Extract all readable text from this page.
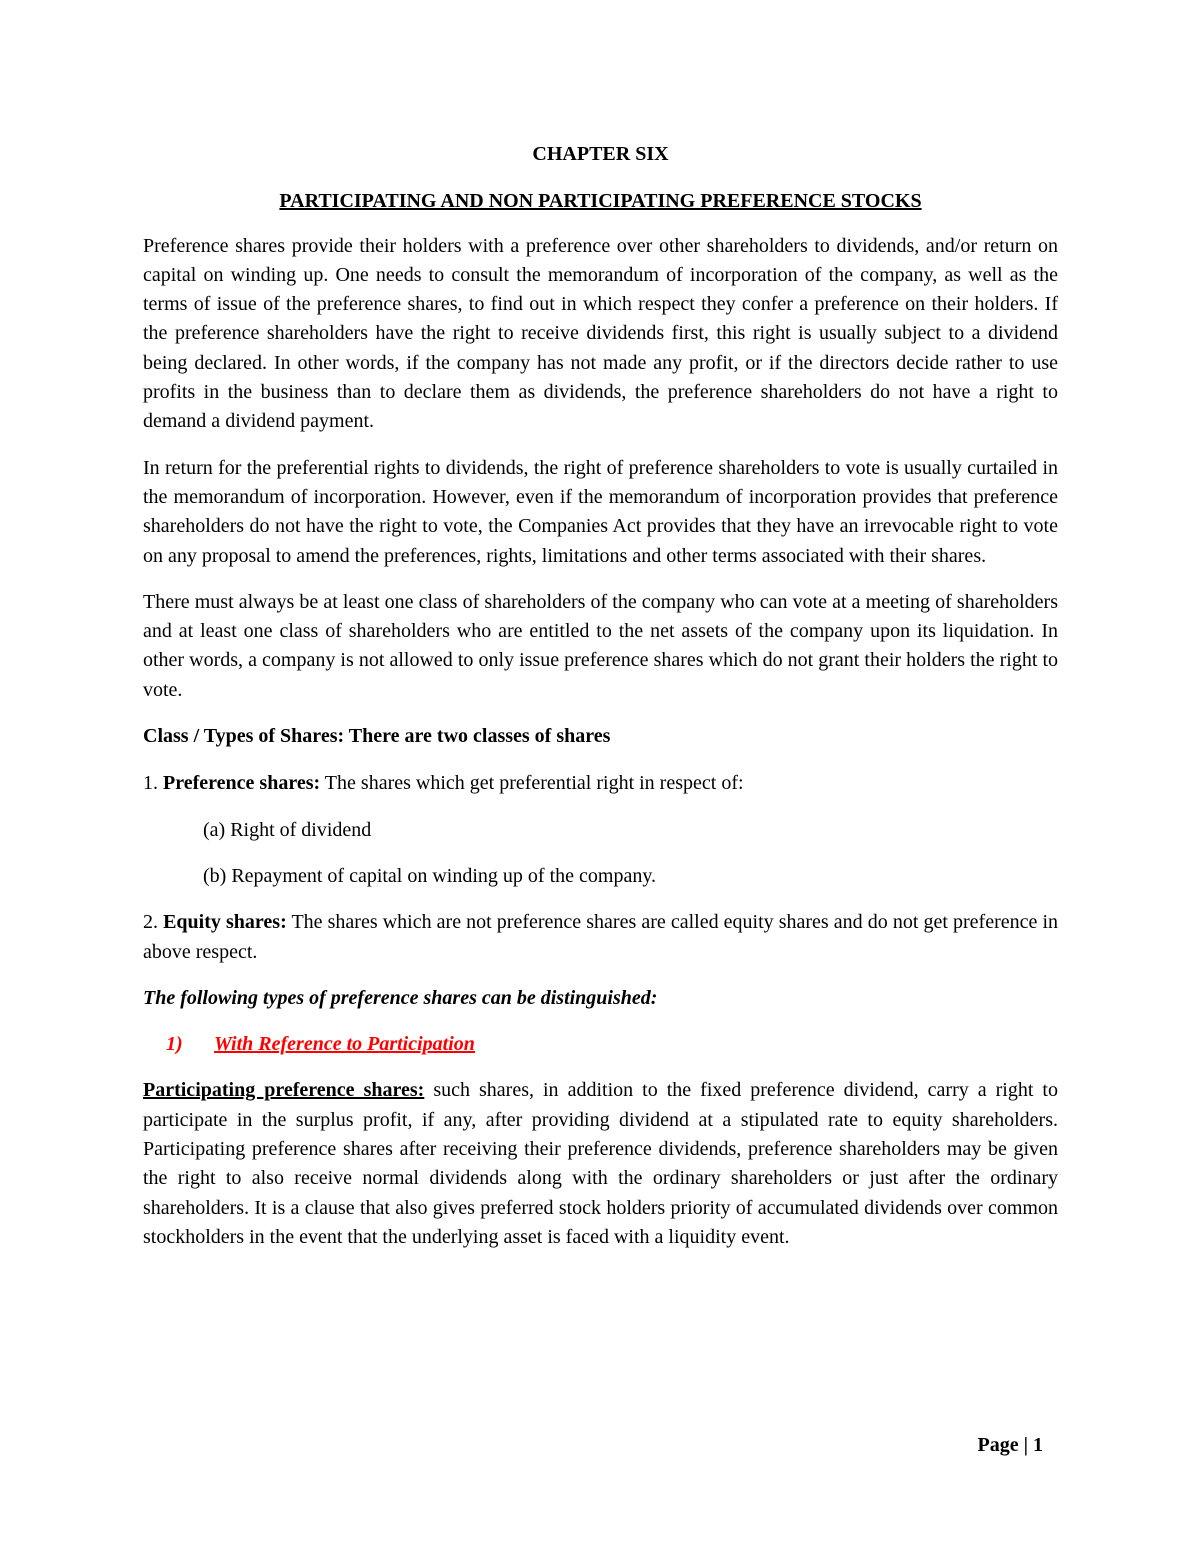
CHAPTER SIX
PARTICIPATING AND NON PARTICIPATING PREFERENCE STOCKS

Preference shares provide their holders with a preference over other shareholders to dividends, and/or return on capital on winding up. One needs to consult the memorandum of incorporation of the company, as well as the terms of issue of the preference shares, to find out in which respect they confer a preference on their holders. If the preference shareholders have the right to receive dividends first, this right is usually subject to a dividend being declared. In other words, if the company has not made any profit, or if the directors decide rather to use profits in the business than to declare them as dividends, the preference shareholders do not have a right to demand a dividend payment.

In return for the preferential rights to dividends, the right of preference shareholders to vote is usually curtailed in the memorandum of incorporation. However, even if the memorandum of incorporation provides that preference shareholders do not have the right to vote, the Companies Act provides that they have an irrevocable right to vote on any proposal to amend the preferences, rights, limitations and other terms associated with their shares.

There must always be at least one class of shareholders of the company who can vote at a meeting of shareholders and at least one class of shareholders who are entitled to the net assets of the company upon its liquidation. In other words, a company is not allowed to only issue preference shares which do not grant their holders the right to vote.

Class / Types of Shares: There are two classes of shares
1. Preference shares: The shares which get preferential right in respect of:
(a) Right of dividend
(b) Repayment of capital on winding up of the company.

2. Equity shares: The shares which are not preference shares are called equity shares and do not get preference in above respect.

The following types of preference shares can be distinguished:
1) With Reference to Participation

Participating preference shares: such shares, in addition to the fixed preference dividend, carry a right to participate in the surplus profit, if any, after providing dividend at a stipulated rate to equity shareholders. Participating preference shares after receiving their preference dividends, preference shareholders may be given the right to also receive normal dividends along with the ordinary shareholders or just after the ordinary shareholders. It is a clause that also gives preferred stock holders priority of accumulated dividends over common stockholders in the event that the underlying asset is faced with a liquidity event.

Page | 1
